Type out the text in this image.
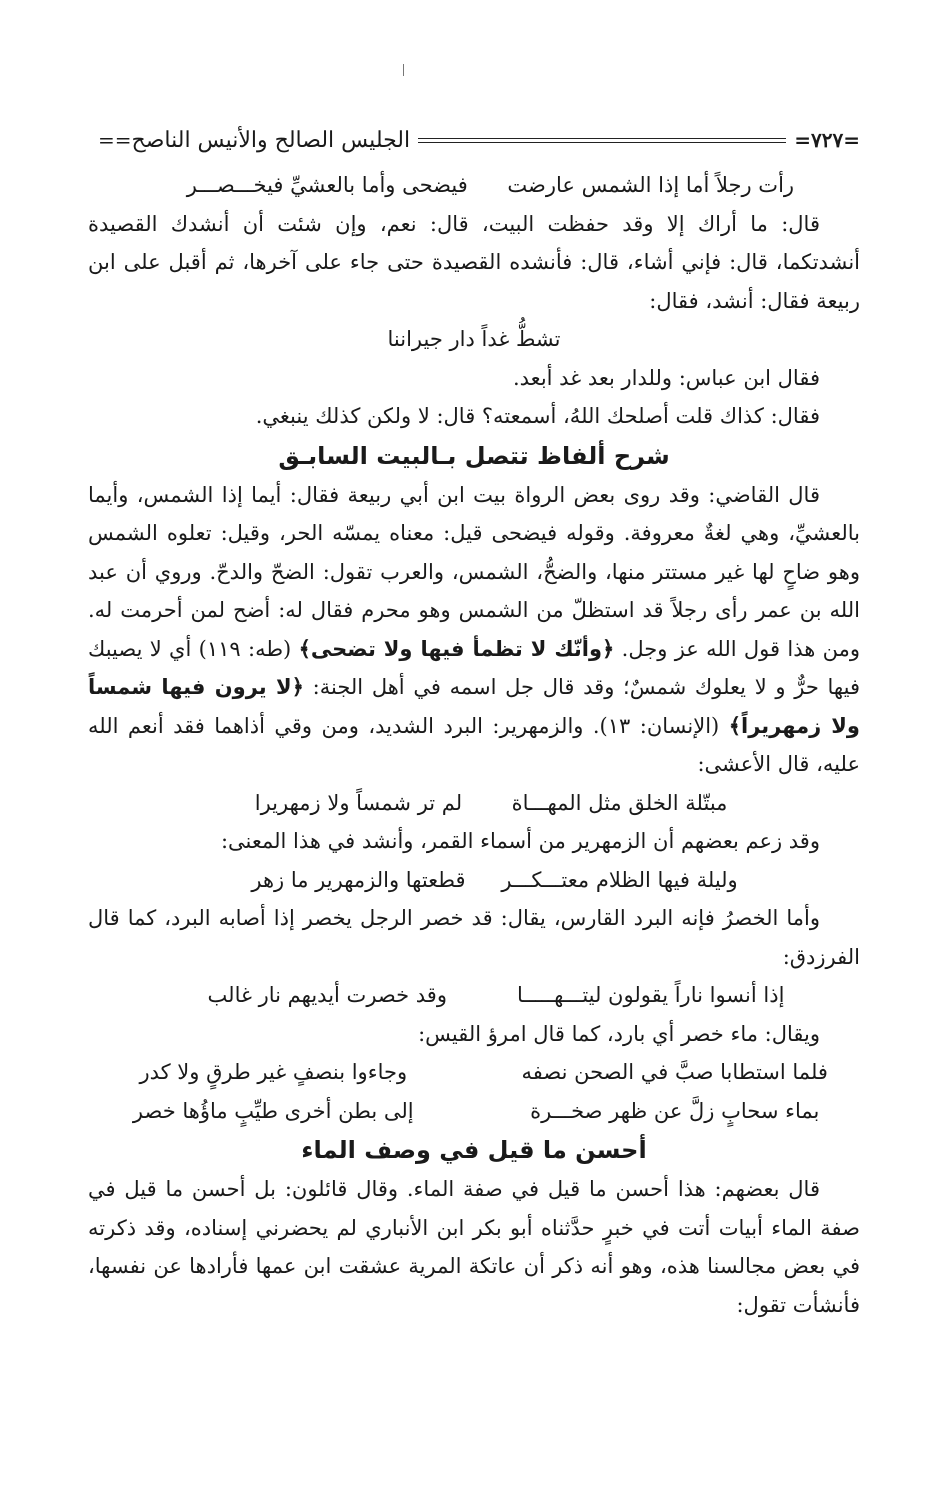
== الجليس الصالح والأنيس الناصح	=٧٢٧=
رأت رجلاً أما إذا الشمس عارضت
فيضحى وأما بالعشيِّ فيخـــصـــر

قال: ما أراك إلا وقد حفظت البيت، قال: نعم، وإن شئت أن أنشدك القصيدة أنشدتكما، قال: فإني أشاء، قال: فأنشده القصيدة حتى جاء على آخرها، ثم أقبل على ابن ربيعة فقال: أنشد، فقال:

تشطُّ غداً دار جيراننا

فقال ابن عباس: وللدار بعد غد أبعد.

فقال: كذاك قلت أصلحك اللهُ، أسمعته؟ قال: لا ولكن كذلك ينبغي.

شرح ألفاظ تتصل بـالبيت السابـق

قال القاضي: وقد روى بعض الرواة بيت ابن أبي ربيعة فقال: أيما إذا الشمس، وأيما بالعشيِّ، وهي لغةٌ معروفة. وقوله فيضحى قيل: معناه يمسّه الحر، وقيل: تعلوه الشمس وهو ضاحٍ لها غير مستتر منها، والضحُّ، الشمس، والعرب تقول: الضحّ والدحّ. وروي أن عبد الله بن عمر رأى رجلاً قد استظلّ من الشمس وهو محرم فقال له: أضح لمن أحرمت له. ومن هذا قول الله عز وجل. ﴿وأنّك لا تظمأ فيها ولا تضحى﴾ (طه: ١١٩) أي لا يصيبك فيها حرٌّ و لا يعلوك شمسٌ؛ وقد قال جل اسمه في أهل الجنة: ﴿لا يرون فيها شمساً ولا زمهريراً﴾ (الإنسان: ١٣). والزمهرير: البرد الشديد، ومن وقي أذاهما فقد أنعم الله عليه، قال الأعشى:

مبتّلة الخلق مثل المهـــاة
لم تر شمساً ولا زمهريرا

وقد زعم بعضهم أن الزمهرير من أسماء القمر، وأنشد في هذا المعنى:

وليلة فيها الظلام معتـــكـــر
قطعتها والزمهرير ما زهر

وأما الخصرُ فإنه البرد القارس، يقال: قد خصر الرجل يخصر إذا أصابه البرد، كما قال الفرزدق:

إذا أنسوا ناراً يقولون ليتـــهـــــا
وقد خصرت أيديهم نار غالب

ويقال: ماء خصر أي بارد، كما قال امرؤ القيس:

فلما استطابا صبَّ في الصحن نصفه
وجاءوا بنصفٍ غير طرقٍ ولا كدر
بماء سحابٍ زلَّ عن ظهر صخـــرة
إلى بطن أخرى طيِّبٍ ماؤُها خصر

أحسن ما قيل في وصف الماء

قال بعضهم: هذا أحسن ما قيل في صفة الماء. وقال قائلون: بل أحسن ما قيل في صفة الماء أبيات أتت في خبرٍ حدَّثناه أبو بكر ابن الأنباري لم يحضرني إسناده، وقد ذكرته في بعض مجالسنا هذه، وهو أنه ذكر أن عاتكة المرية عشقت ابن عمها فأرادها عن نفسها، فأنشأت تقول:
